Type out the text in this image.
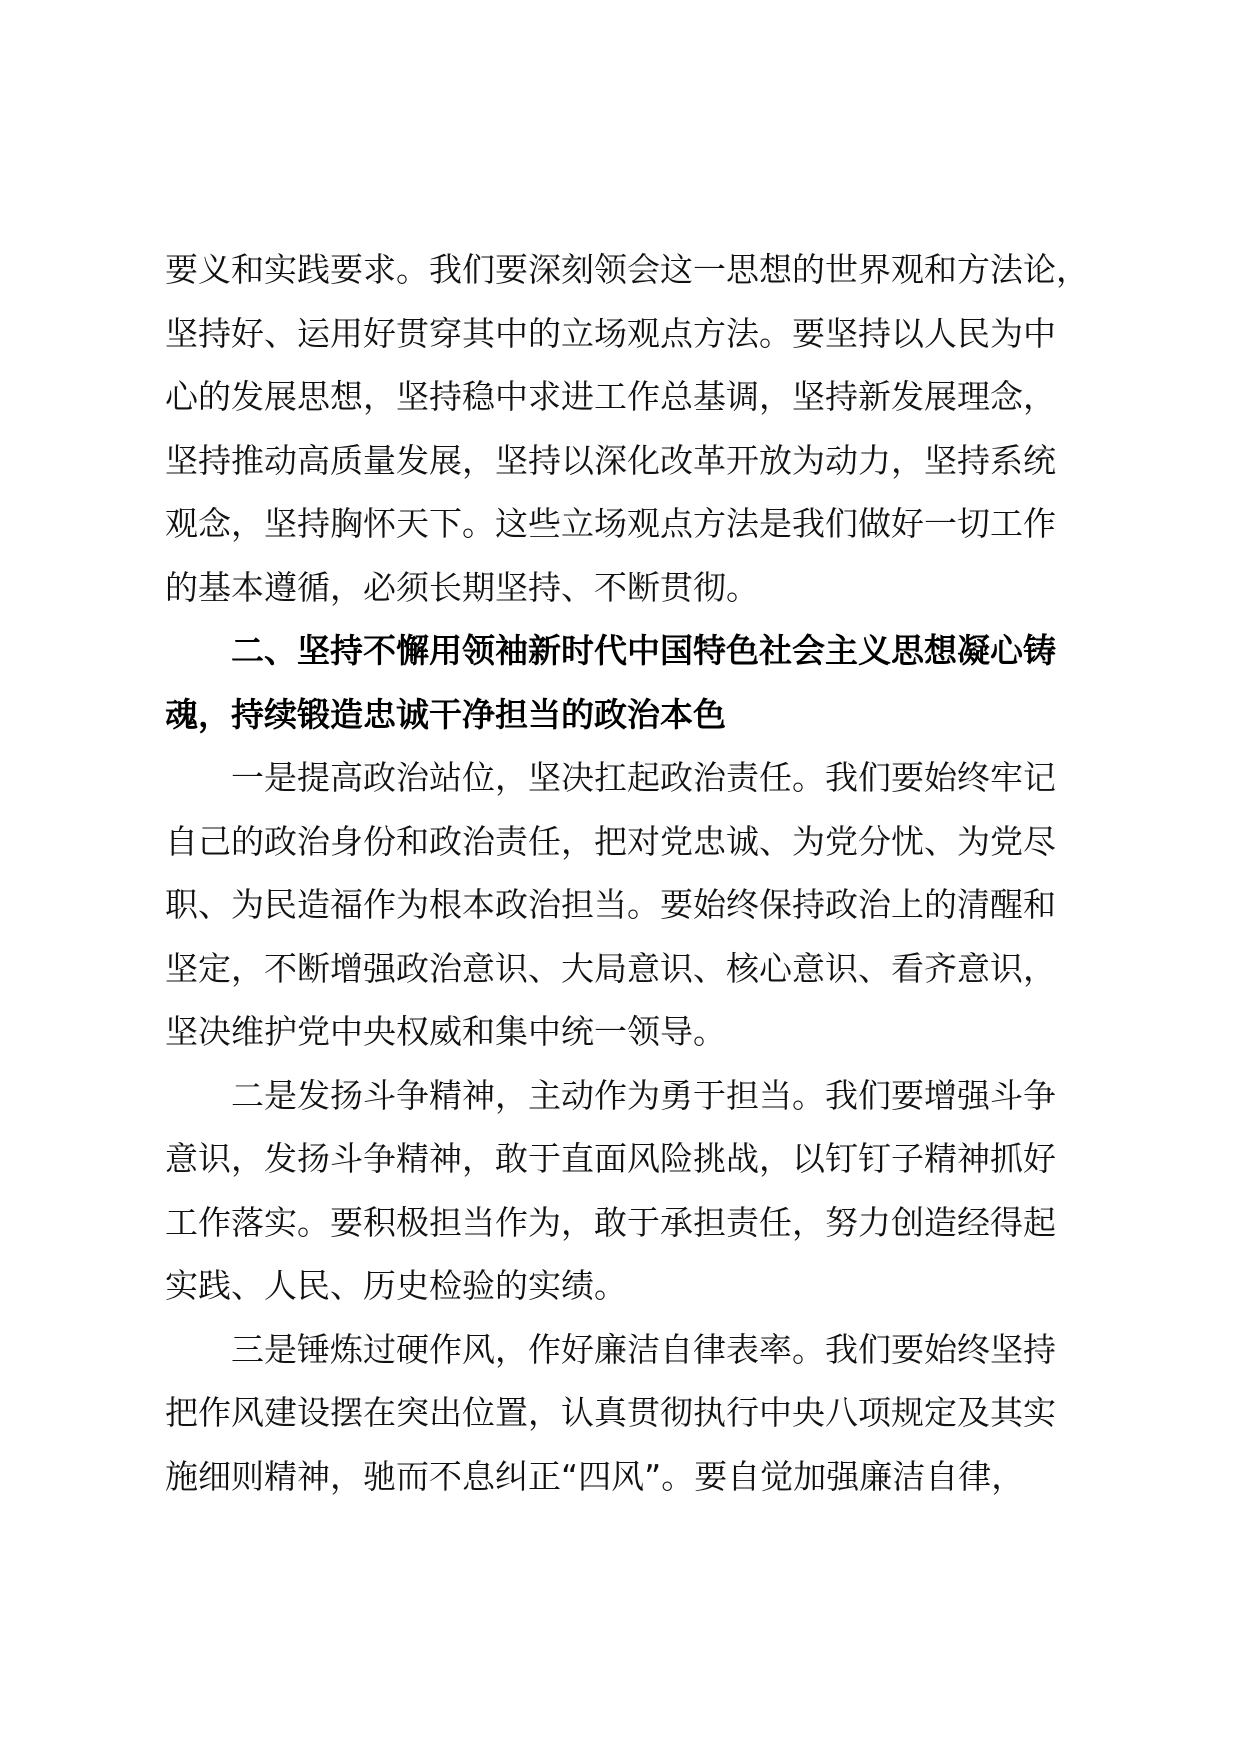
要义和实践要求。我们要深刻领会这一思想的世界观和方法论，
坚持好、运用好贯穿其中的立场观点方法。要坚持以人民为中
心的发展思想，坚持稳中求进工作总基调，坚持新发展理念，
坚持推动高质量发展，坚持以深化改革开放为动力，坚持系统
观念，坚持胸怀天下。这些立场观点方法是我们做好一切工作
的基本遵循，必须长期坚持、不断贯彻。
二、坚持不懈用领袖新时代中国特色社会主义思想凝心铸
魂，持续锻造忠诚干净担当的政治本色
一是提高政治站位，坚决扛起政治责任。我们要始终牢记
自己的政治身份和政治责任，把对党忠诚、为党分忧、为党尽
职、为民造福作为根本政治担当。要始终保持政治上的清醒和
坚定，不断增强政治意识、大局意识、核心意识、看齐意识，
坚决维护党中央权威和集中统一领导。
二是发扬斗争精神，主动作为勇于担当。我们要增强斗争
意识，发扬斗争精神，敢于直面风险挑战，以钉钉子精神抓好
工作落实。要积极担当作为，敢于承担责任，努力创造经得起
实践、人民、历史检验的实绩。
三是锤炼过硬作风，作好廉洁自律表率。我们要始终坚持
把作风建设摆在突出位置，认真贯彻执行中央八项规定及其实
施细则精神，驰而不息纠正“四风”。要自觉加强廉洁自律，
